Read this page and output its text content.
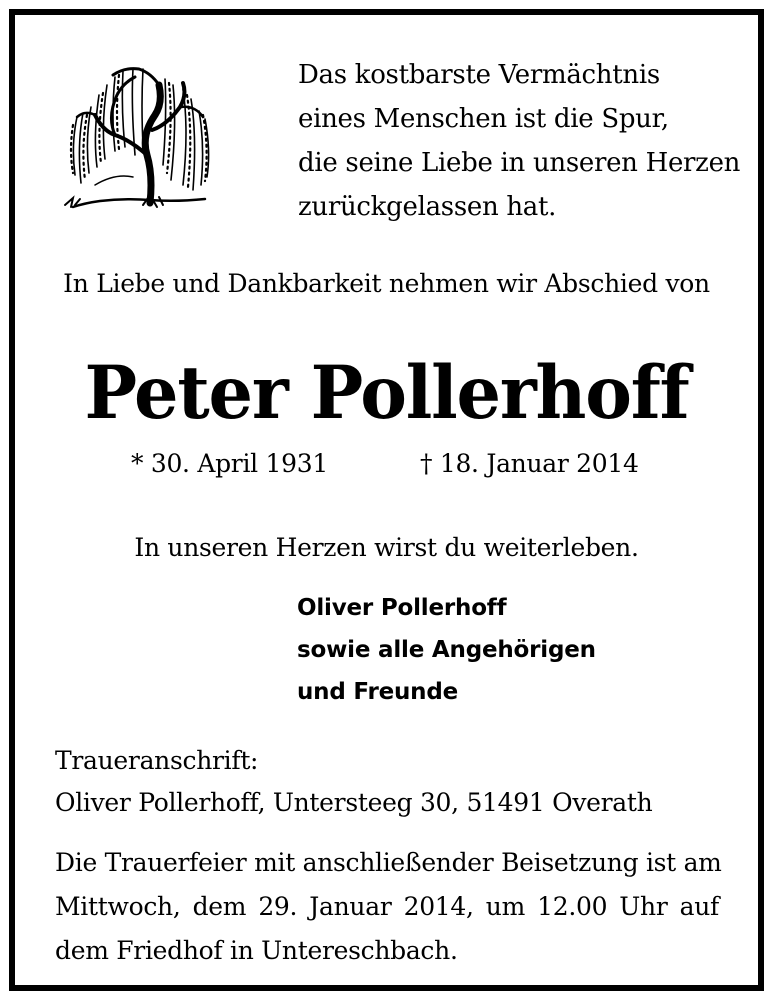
Das kostbarste Vermächtnis
eines Menschen ist die Spur,
die seine Liebe in unseren Herzen
zurückgelassen hat.
In Liebe und Dankbarkeit nehmen wir Abschied von
Peter Pollerhoff
* 30. April 1931	† 18. Januar 2014
In unseren Herzen wirst du weiterleben.
Oliver Pollerhoff
sowie alle Angehörigen
und Freunde
Traueranschrift:
Oliver Pollerhoff, Untersteeg 30, 51491 Overath
Die Trauerfeier mit anschließender Beisetzung ist am
Mittwoch, dem 29. Januar 2014, um 12.00 Uhr auf
dem Friedhof in Untereschbach.
